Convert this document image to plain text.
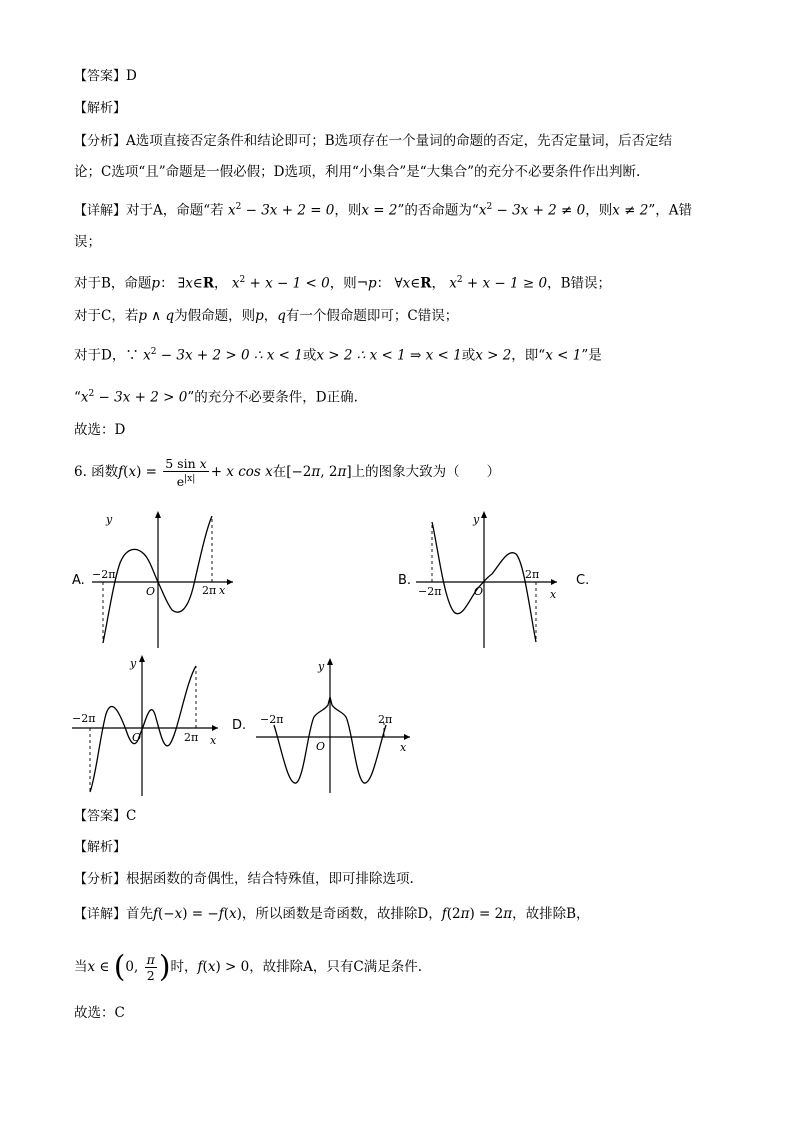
【答案】D
【解析】
【分析】A选项直接否定条件和结论即可；B选项存在一个量词的命题的否定，先否定量词，后否定结
论；C选项“且”命题是一假必假；D选项，利用“小集合”是“大集合”的充分不必要条件作出判断.
【详解】对于A，命题“若 $x^2 - 3x + 2 = 0$，则x = 2”的否命题为“$x^2 - 3x + 2 \ne 0$，则x ≠ 2”，A错
误；
对于B，命题p： ∃x∈R， $x^2 + x - 1 < 0$，则¬p： ∀x∈R， $x^2 + x - 1 \ge 0$，B错误；
对于C，若p ∧ q为假命题，则p，q有一个假命题即可；C错误；
对于D，∵ $x^2 - 3x + 2 > 0$ ∴ x < 1或x > 2 ∴ x < 1 ⇒ x < 1或x > 2，即“x < 1”是
“$x^2 - 3x + 2 > 0$”的充分不必要条件，D正确.
故选：D
6. 函数$f(x) = \frac{\text{5 sin x}}{e^{|x|}} + x$ cos x在[−2π, 2π]上的图象大致为（　　）
A.
y
x
O
−2π
2π
B.
y
x
O
−2π
2π	C.
y
x
O
−2π
2π
D.
y
x
O
−2π	2π
【答案】C
【解析】
【分析】根据函数的奇偶性，结合特殊值，即可排除选项.
【详解】首先f(−x) = −f(x)，所以函数是奇函数，故排除D，f(2π) = 2π，故排除B，
当x ∈ (0, $\frac{\pi}{2}$ )时，f(x) > 0，故排除A，只有C满足条件.
故选：C
